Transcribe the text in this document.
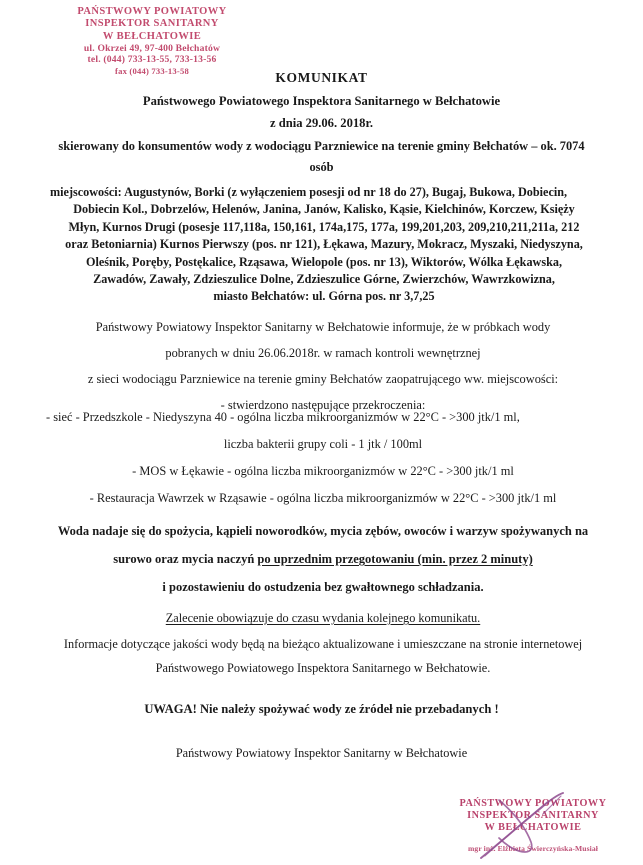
PAŃSTWOWY POWIATOWY
INSPEKTOR SANITARNY
W BEŁCHATOWIE
ul. Okrzei 49, 97-400 Bełchatów
tel. (044) 733-13-55, 733-13-56
fax (044) 733-13-58	KOMUNIKAT
Państwowego Powiatowego Inspektora Sanitarnego w Bełchatowie
z dnia 29.06. 2018r.
skierowany do konsumentów wody z wodociągu Parzniewice na terenie gminy Bełchatów – ok. 7074
osób
miejscowości: Augustynów, Borki (z wyłączeniem posesji od nr 18 do 27), Bugaj, Bukowa, Dobiecin,
Dobiecin Kol., Dobrzelów, Helenów, Janina, Janów, Kalisko, Kąsie, Kielchinów, Korczew, Księży
Młyn, Kurnos Drugi (posesje 117,118a, 150,161, 174a,175, 177a, 199,201,203, 209,210,211,211a, 212
oraz Betoniarnia) Kurnos Pierwszy (pos. nr 121), Łękawa, Mazury, Mokracz, Myszaki, Niedyszyna,
Oleśnik, Poręby, Postękalice, Rząsawa, Wielopole (pos. nr 13), Wiktorów, Wólka Łękawska,
Zawadów, Zawały, Zdzieszulice Dolne, Zdzieszulice Górne, Zwierzchów, Wawrzkowizna,
miasto Bełchatów: ul. Górna pos. nr 3,7,25
Państwowy Powiatowy Inspektor Sanitarny w Bełchatowie informuje, że w próbkach wody
pobranych w dniu 26.06.2018r. w ramach kontroli wewnętrznej
z sieci wodociągu Parzniewice na terenie gminy Bełchatów zaopatrującego ww. miejscowości:
- stwierdzono następujące przekroczenia:
- sieć - Przedszkole - Niedyszyna 40 - ogólna liczba mikroorganizmów w 22°C - >300 jtk/1 ml,
liczba bakterii grupy coli - 1 jtk / 100ml
- MOS w Łękawie - ogólna liczba mikroorganizmów w 22°C - >300 jtk/1 ml
- Restauracja Wawrzek w Rząsawie - ogólna liczba mikroorganizmów w 22°C - >300 jtk/1 ml
Woda nadaje się do spożycia, kąpieli noworodków, mycia zębów, owoców i warzyw spożywanych na
surowo oraz mycia naczyń po uprzednim przegotowaniu (min. przez 2 minuty)
i pozostawieniu do ostudzenia bez gwałtownego schładzania.
Zalecenie obowiązuje do czasu wydania kolejnego komunikatu.
Informacje dotyczące jakości wody będą na bieżąco aktualizowane i umieszczane na stronie internetowej
Państwowego Powiatowego Inspektora Sanitarnego w Bełchatowie.
UWAGA! Nie należy spożywać wody ze źródeł nie przebadanych !
Państwowy Powiatowy Inspektor Sanitarny w Bełchatowie
PAŃSTWOWY POWIATOWY
INSPEKTOR SANITARNY
W BEŁCHATOWIE
mgr inż. Elżbieta Świerczyńska-Musiał
